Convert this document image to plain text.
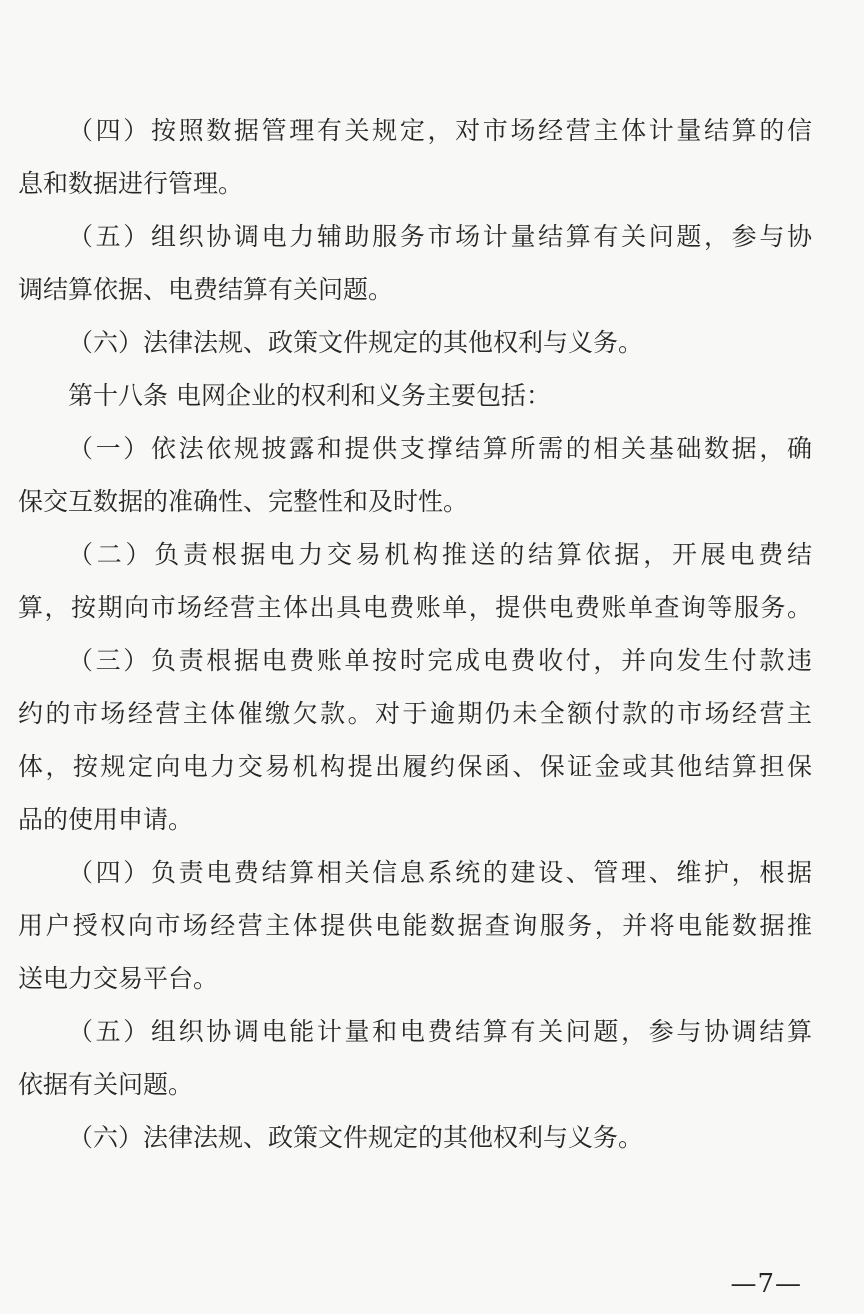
（四）按照数据管理有关规定，对市场经营主体计量结算的信
息和数据进行管理。
（五）组织协调电力辅助服务市场计量结算有关问题，参与协
调结算依据、电费结算有关问题。
（六）法律法规、政策文件规定的其他权利与义务。
第十八条 电网企业的权利和义务主要包括：
（一）依法依规披露和提供支撑结算所需的相关基础数据，确
保交互数据的准确性、完整性和及时性。
（二）负责根据电力交易机构推送的结算依据，开展电费结
算，按期向市场经营主体出具电费账单，提供电费账单查询等服务。
（三）负责根据电费账单按时完成电费收付，并向发生付款违
约的市场经营主体催缴欠款。对于逾期仍未全额付款的市场经营主
体，按规定向电力交易机构提出履约保函、保证金或其他结算担保
品的使用申请。
（四）负责电费结算相关信息系统的建设、管理、维护，根据
用户授权向市场经营主体提供电能数据查询服务，并将电能数据推
送电力交易平台。
（五）组织协调电能计量和电费结算有关问题，参与协调结算
依据有关问题。
（六）法律法规、政策文件规定的其他权利与义务。
—7—
